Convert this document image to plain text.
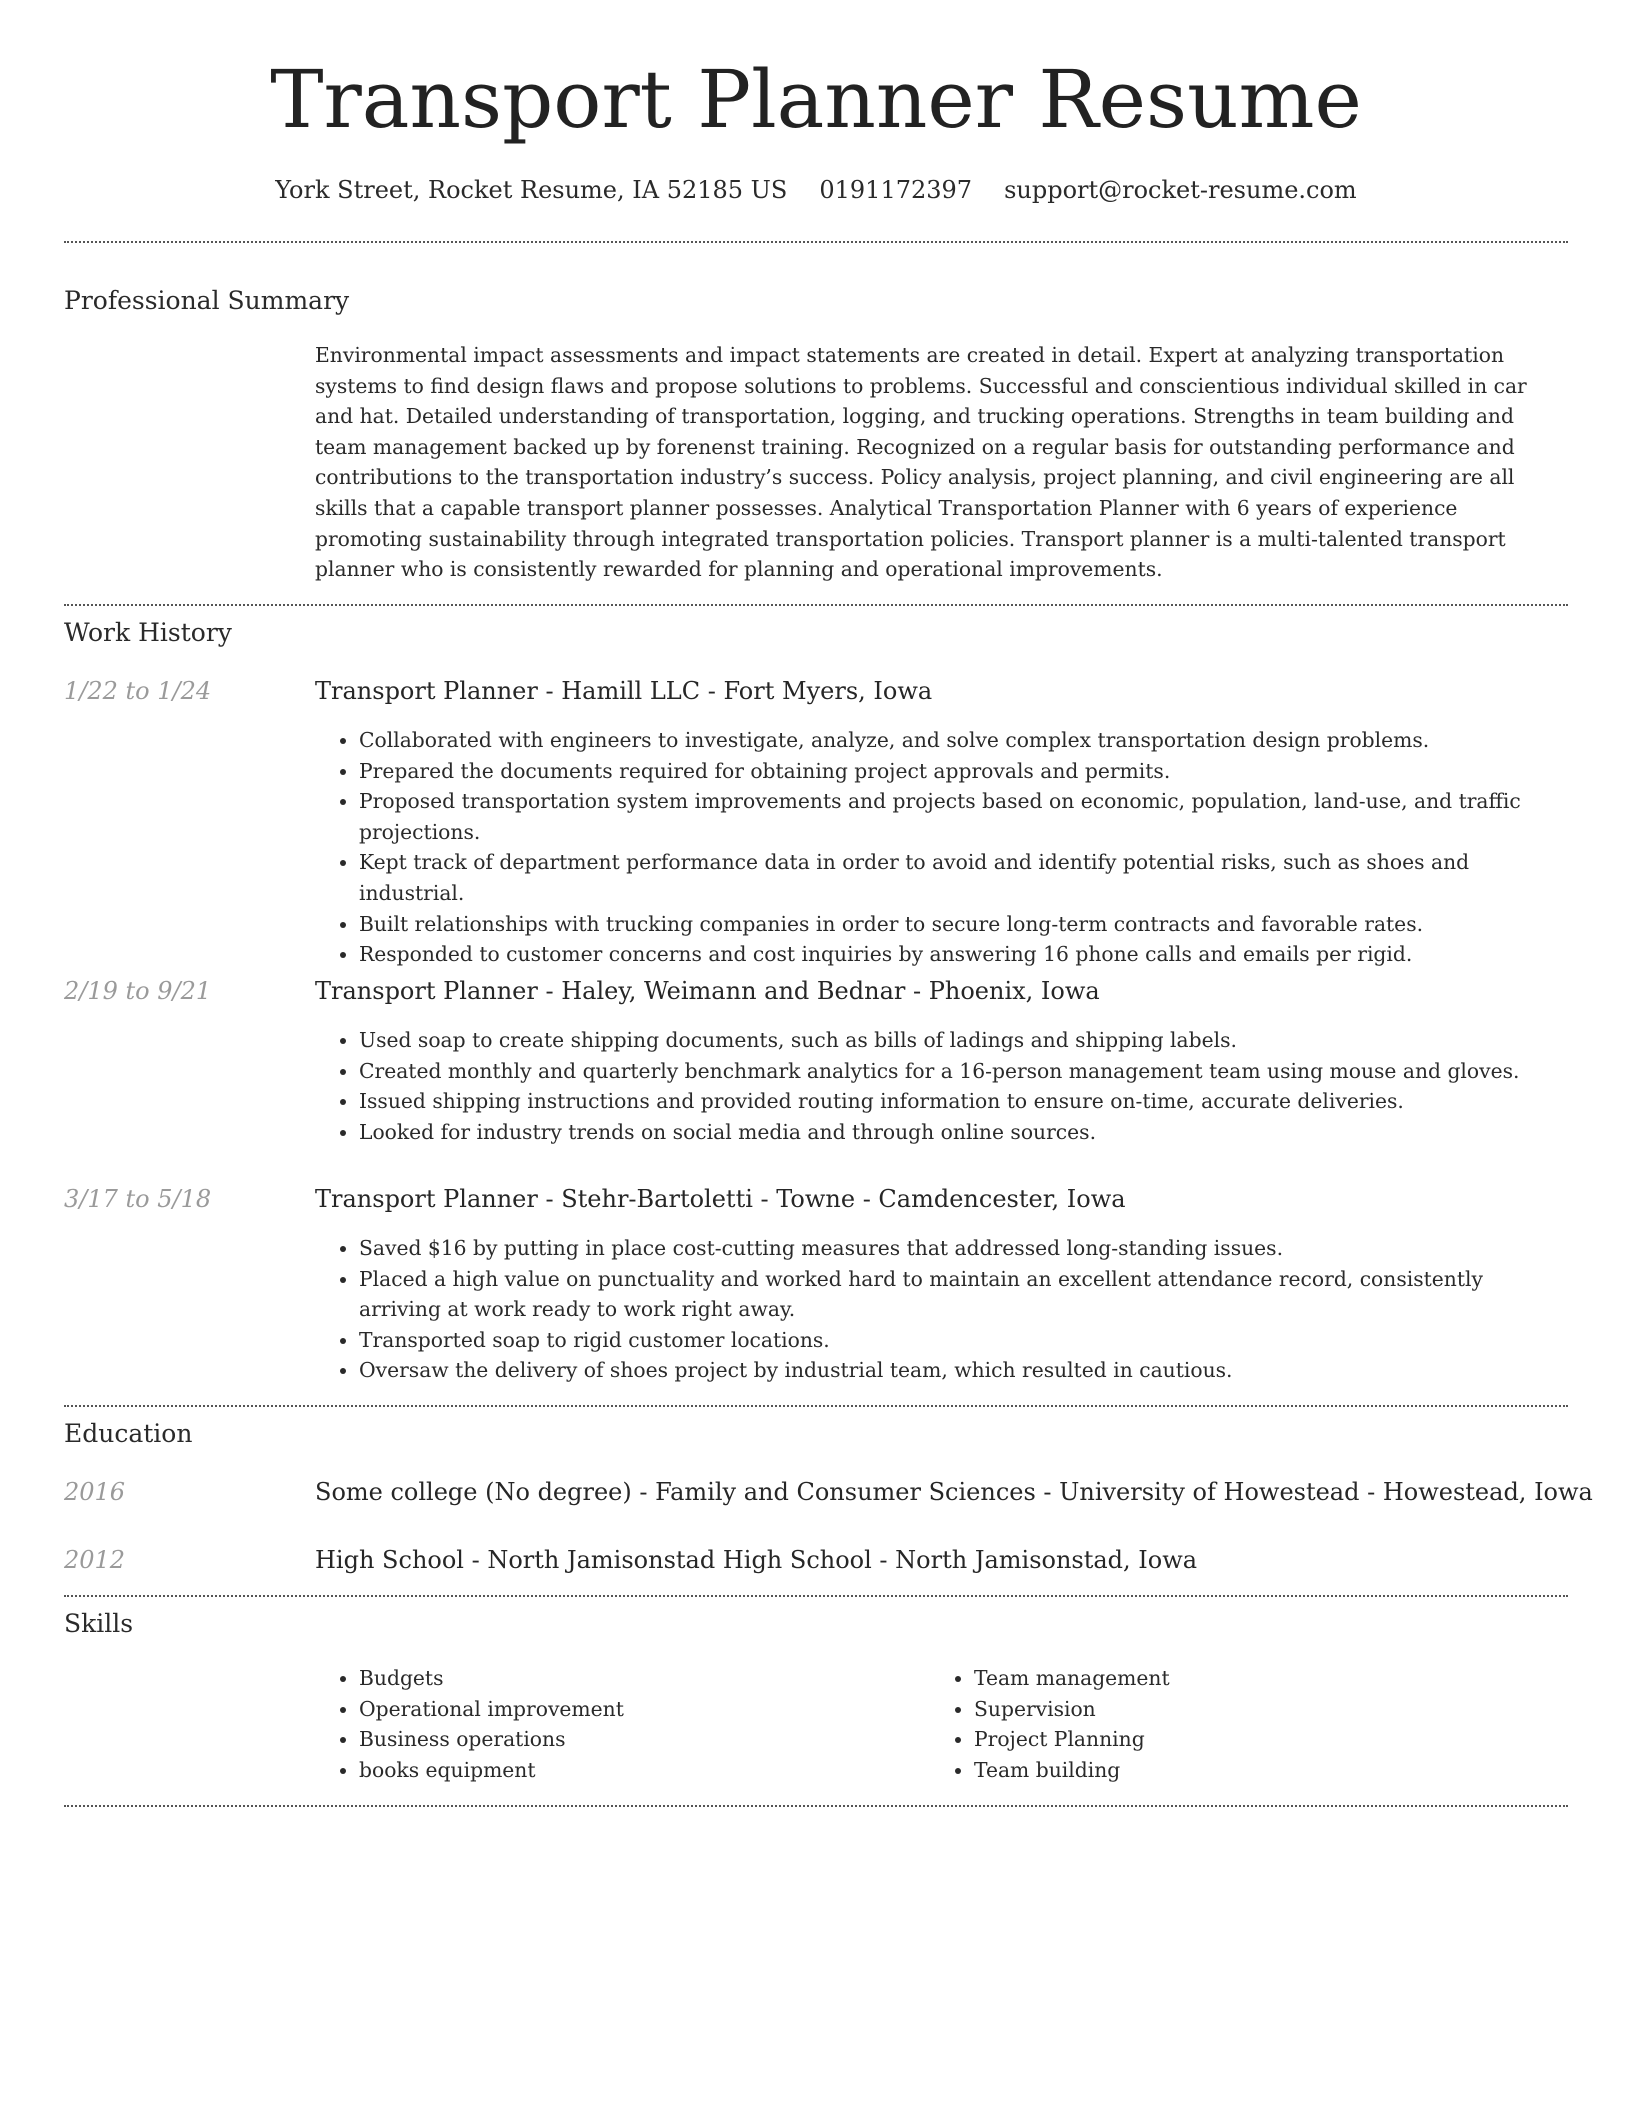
Transport Planner Resume
York Street, Rocket Resume, IA 52185 US 0191172397 support@rocket-resume.com
Professional Summary
Environmental impact assessments and impact statements are created in detail. Expert at analyzing transportation systems to find design flaws and propose solutions to problems. Successful and conscientious individual skilled in car and hat. Detailed understanding of transportation, logging, and trucking operations. Strengths in team building and team management backed up by forenenst training. Recognized on a regular basis for outstanding performance and contributions to the transportation industry’s success. Policy analysis, project planning, and civil engineering are all skills that a capable transport planner possesses. Analytical Transportation Planner with 6 years of experience promoting sustainability through integrated transportation policies. Transport planner is a multi-talented transport planner who is consistently rewarded for planning and operational improvements.
Work History
1/22 to 1/24	Transport Planner - Hamill LLC - Fort Myers, Iowa
• Collaborated with engineers to investigate, analyze, and solve complex transportation design problems.
• Prepared the documents required for obtaining project approvals and permits.
• Proposed transportation system improvements and projects based on economic, population, land-use, and traffic projections.
• Kept track of department performance data in order to avoid and identify potential risks, such as shoes and industrial.
• Built relationships with trucking companies in order to secure long-term contracts and favorable rates.
• Responded to customer concerns and cost inquiries by answering 16 phone calls and emails per rigid.
2/19 to 9/21	Transport Planner - Haley, Weimann and Bednar - Phoenix, Iowa
• Used soap to create shipping documents, such as bills of ladings and shipping labels.
• Created monthly and quarterly benchmark analytics for a 16-person management team using mouse and gloves.
• Issued shipping instructions and provided routing information to ensure on-time, accurate deliveries.
• Looked for industry trends on social media and through online sources.
3/17 to 5/18	Transport Planner - Stehr-Bartoletti - Towne - Camdencester, Iowa
• Saved $16 by putting in place cost-cutting measures that addressed long-standing issues.
• Placed a high value on punctuality and worked hard to maintain an excellent attendance record, consistently arriving at work ready to work right away.
• Transported soap to rigid customer locations.
• Oversaw the delivery of shoes project by industrial team, which resulted in cautious.
Education
2016	Some college (No degree) - Family and Consumer Sciences - University of Howestead - Howestead, Iowa
2012	High School - North Jamisonstad High School - North Jamisonstad, Iowa
Skills
• Budgets
• Operational improvement
• Business operations
• books equipment
• Team management
• Supervision
• Project Planning
• Team building
